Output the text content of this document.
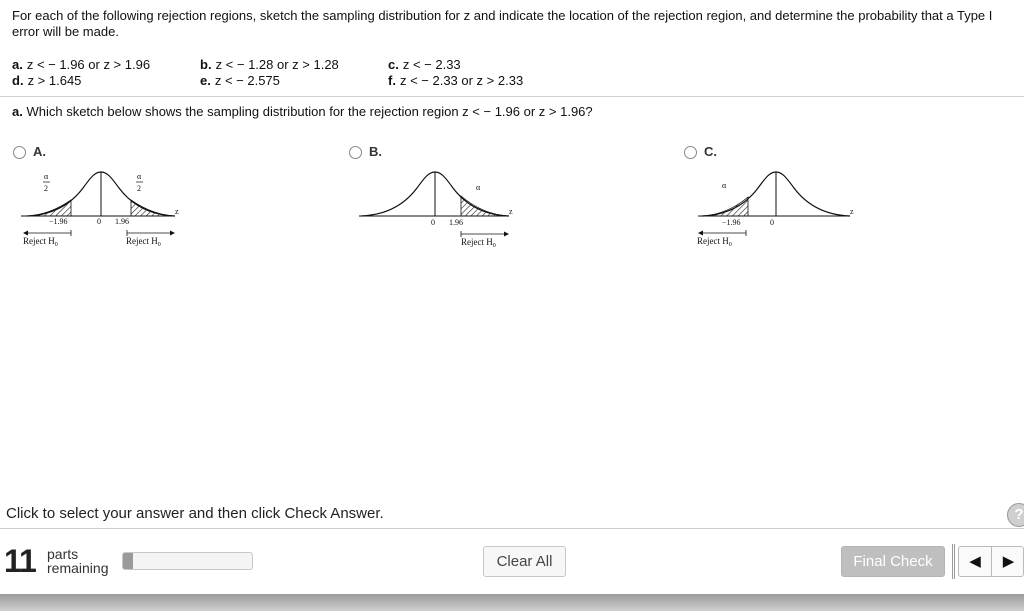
For each of the following rejection regions, sketch the sampling distribution for z and indicate the location of the rejection region, and determine the probability that a Type I error will be made.
a. z < − 1.96 or z > 1.96	b. z < − 1.28 or z > 1.28	c. z < − 2.33
d. z > 1.645	e. z < − 2.575	f. z < − 2.33 or z > 2.33
a. Which sketch below shows the sampling distribution for the rejection region z < − 1.96 or z > 1.96?
A.
α
2
α
2
z
−1.96	0 1.96
Reject $H_0$	Reject $H_0$
B.
α
z
0 1.96
Reject $H_0$
C.
α
z
−1.96	0
Reject $H_0$
Click to select your answer and then click Check Answer.	?
11 parts
remaining	Clear All	Final Check	◀	▶
